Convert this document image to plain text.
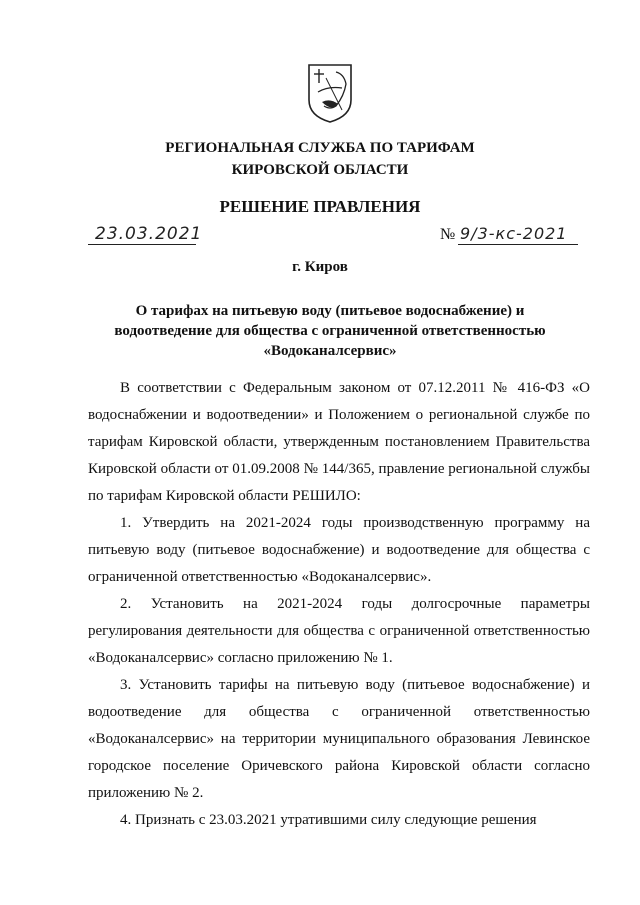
РЕГИОНАЛЬНАЯ СЛУЖБА ПО ТАРИФАМ
КИРОВСКОЙ ОБЛАСТИ
РЕШЕНИЕ ПРАВЛЕНИЯ
23.03.2021	№ 9/3-кс-2021
г. Киров
О тарифах на питьевую воду (питьевое водоснабжение) и водоотведение для общества с ограниченной ответственностью «Водоканалсервис»

В соответствии с Федеральным законом от 07.12.2011 № 416-ФЗ «О водоснабжении и водоотведении» и Положением о региональной службе по тарифам Кировской области, утвержденным постановлением Правительства Кировской области от 01.09.2008 № 144/365, правление региональной службы по тарифам Кировской области РЕШИЛО:

1. Утвердить на 2021-2024 годы производственную программу на питьевую воду (питьевое водоснабжение) и водоотведение для общества с ограниченной ответственностью «Водоканалсервис».

2. Установить на 2021-2024 годы долгосрочные параметры регулирования деятельности для общества с ограниченной ответственностью «Водоканалсервис» согласно приложению № 1.

3. Установить тарифы на питьевую воду (питьевое водоснабжение) и водоотведение для общества с ограниченной ответственностью «Водоканалсервис» на территории муниципального образования Левинское городское поселение Оричевского района Кировской области согласно приложению № 2.

4. Признать с 23.03.2021 утратившими силу следующие решения
